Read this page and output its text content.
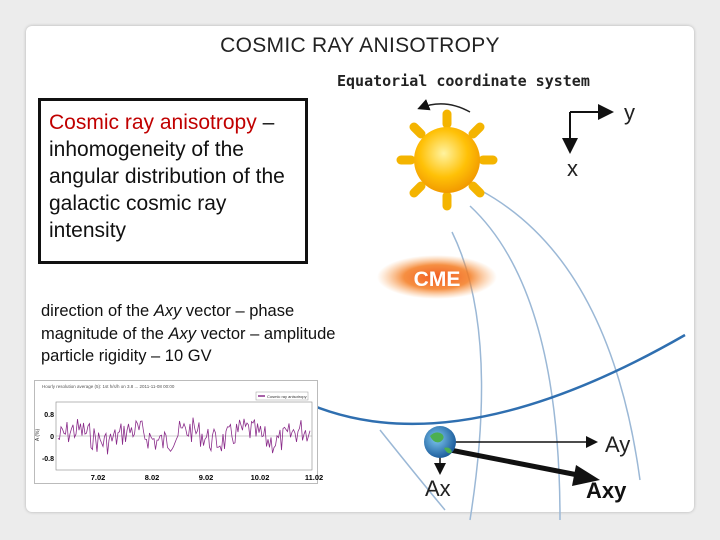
COSMIC RAY ANISOTROPY
Equatorial coordinate system
CME
y
x
Ay
Ax	Axy
Cosmic ray anisotropy – inhomogeneity of the angular distribution of the galactic cosmic ray intensity
direction of the Axy vector – phase
magnitude of the Axy vector – amplitude
particle rigidity – 10 GV
Hourly resolution average (5): 1st h/s/h on 3.8 ... 2011-11-08 00:00
Cosmic ray anisotropy
A (%)
0.8
0
-0.8
7.02	8.02	9.02	10.02	11.02
